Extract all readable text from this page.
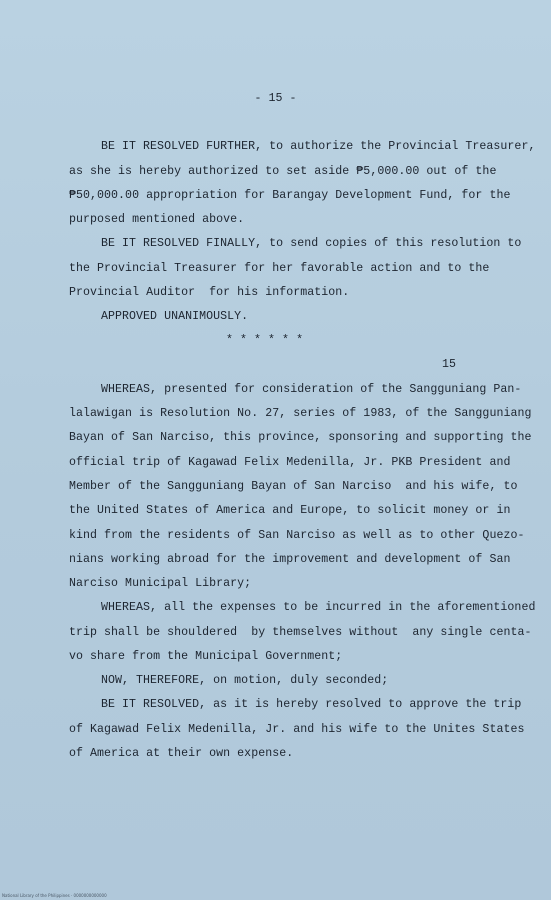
- 15 -
BE IT RESOLVED FURTHER, to authorize the Provincial Treasurer,
as she is hereby authorized to set aside ₱5,000.00 out of the
₱50,000.00 appropriation for Barangay Development Fund, for the
purposed mentioned above.
BE IT RESOLVED FINALLY, to send copies of this resolution to
the Provincial Treasurer for her favorable action and to the
Provincial Auditor  for his information.
APPROVED UNANIMOUSLY.
* * * * * *
15
WHEREAS, presented for consideration of the Sangguniang Pan-
lalawigan is Resolution No. 27, series of 1983, of the Sangguniang
Bayan of San Narciso, this province, sponsoring and supporting the
official trip of Kagawad Felix Medenilla, Jr. PKB President and
Member of the Sangguniang Bayan of San Narciso  and his wife, to
the United States of America and Europe, to solicit money or in
kind from the residents of San Narciso as well as to other Quezo-
nians working abroad for the improvement and development of San
Narciso Municipal Library;
WHEREAS, all the expenses to be incurred in the aforementioned
trip shall be shouldered  by themselves without  any single centa-
vo share from the Municipal Government;
NOW, THEREFORE, on motion, duly seconded;
BE IT RESOLVED, as it is hereby resolved to approve the trip
of Kagawad Felix Medenilla, Jr. and his wife to the Unites States
of America at their own expense.
National Library of the Philippines · 0000000000000
